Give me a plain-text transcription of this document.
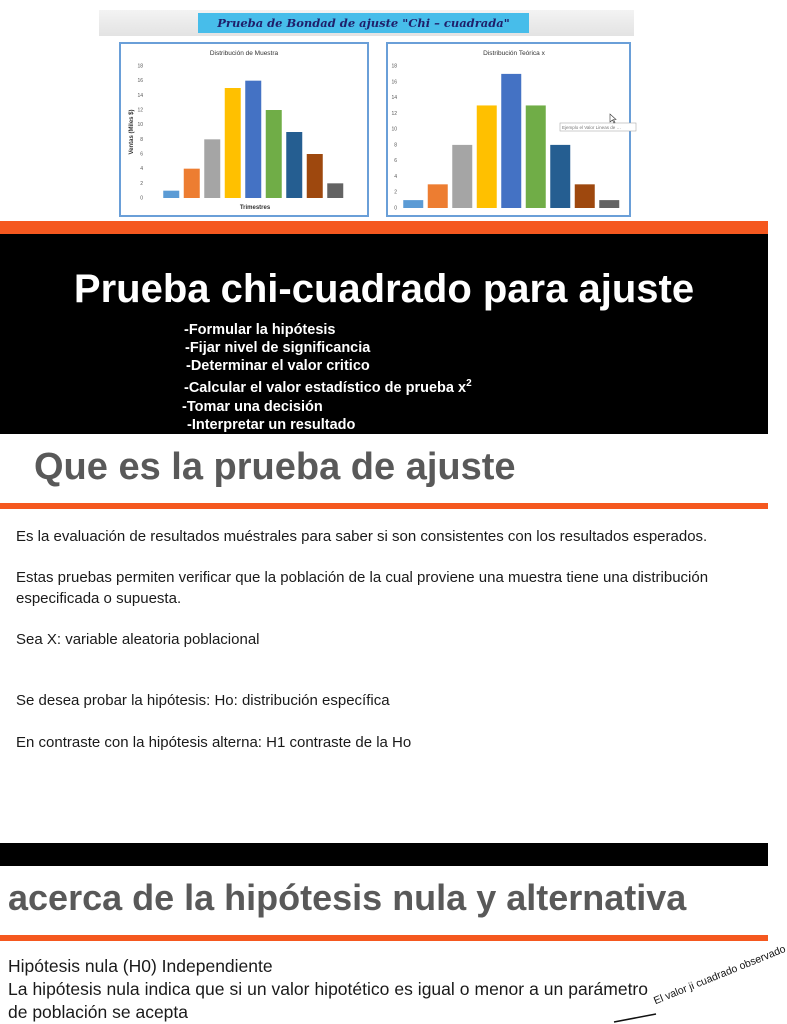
Prueba de Bondad de ajuste "Chi – cuadrada"
Distribución de Muestra
0
2
4
6
8
10
12
14
16
18
Ventas (Miles $)
Trimestres
Distribución Teórica x
0
2
4
6
8
10
12
14
16
18
Ejemplo el Valor Lineas de …
Prueba chi-cuadrado para ajuste
-Formular la hipótesis
-Fijar nivel de significancia
-Determinar el valor critico
-Calcular el valor estadístico de prueba $x^2$
-Tomar una decisión
-Interpretar un resultado
Que es la prueba de ajuste
Es la evaluación de resultados muéstrales para saber si son consistentes con los resultados esperados.
Estas pruebas permiten verificar que la población de la cual proviene una muestra tiene una distribución especificada o supuesta.
Sea X: variable aleatoria poblacional
Se desea probar la hipótesis: Ho: distribución específica
En contraste con la hipótesis alterna: H1 contraste de la Ho
acerca de la hipótesis nula y alternativa
Hipótesis nula (H0) Independiente
La hipótesis nula indica que si un valor hipotético es igual o menor a un parámetro de población se acepta
El valor ji cuadrado observado
